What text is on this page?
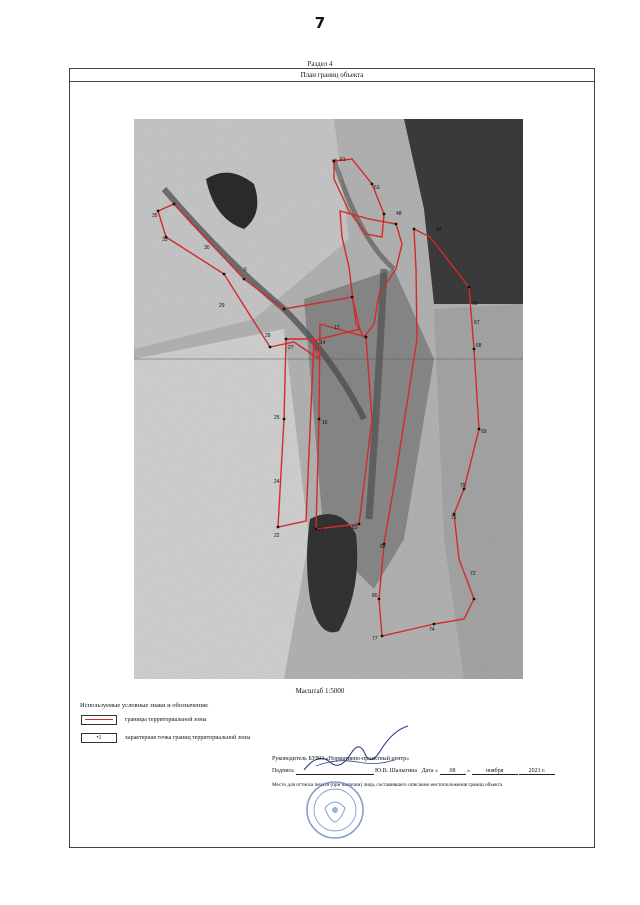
7
Раздел 4
План границ объекта
35
33
29
28
27
61
53
48
64
65
67
68
69
70
71
72
74
77
80
82
83
14
16
21
22
25
24
12
6
30
Масштаб 1:5000
Используемые условные знаки и обозначения:
границы территориальной зоны
•1	характерная точка границ территориальной зоны
Руководитель БУВО «Нормативно-проектный центр»
Подпись	Ю.В. Шалыгина Дата « 08 »	ноября	2021 г.
Место для оттиска печати (при наличии) лица, составившего описание местоположения границ объекта
